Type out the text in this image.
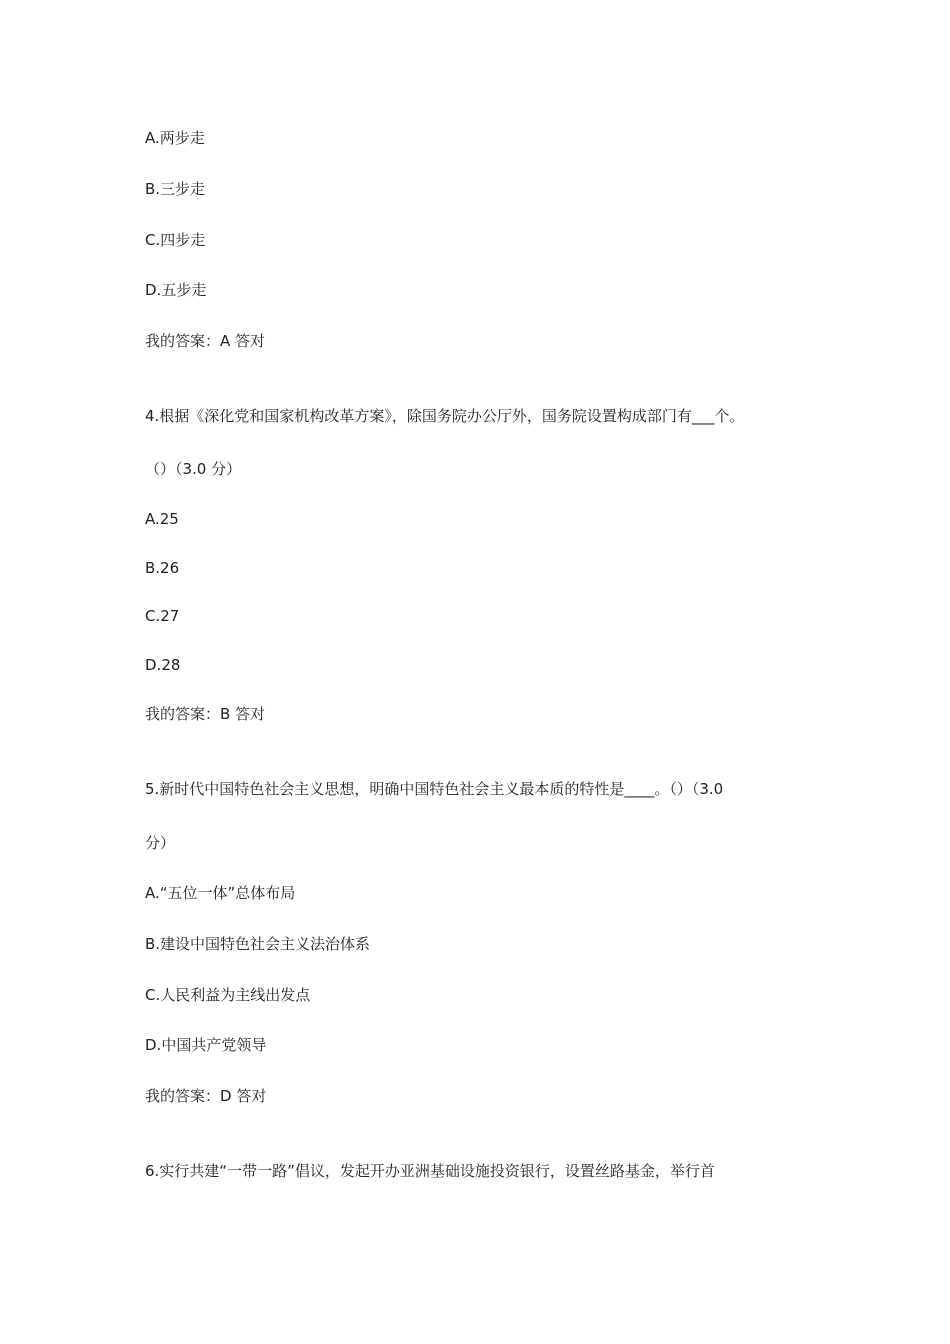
A.两步走
B.三步走
C.四步走
D.五步走
我的答案：A 答对
4.根据《深化党和国家机构改革方案》，除国务院办公厅外，国务院设置构成部门有___个。
（）（3.0 分）
A.25
B.26
C.27
D.28
我的答案：B 答对
5.新时代中国特色社会主义思想，明确中国特色社会主义最本质的特性是____。（）（3.0
分）
A.“五位一体”总体布局
B.建设中国特色社会主义法治体系
C.人民利益为主线出发点
D.中国共产党领导
我的答案：D 答对
6.实行共建“一带一路”倡议，发起开办亚洲基础设施投资银行，设置丝路基金，举行首
